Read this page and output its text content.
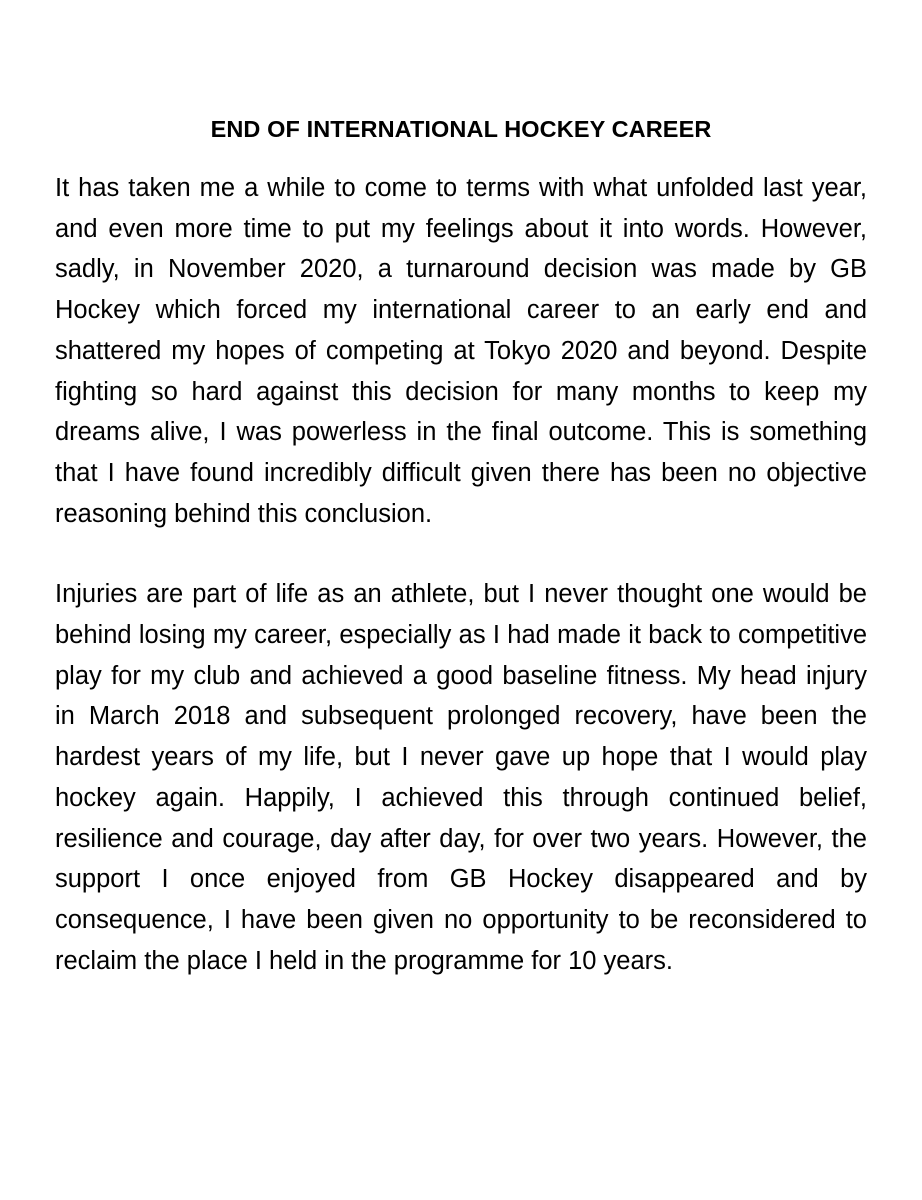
END OF INTERNATIONAL HOCKEY CAREER

It has taken me a while to come to terms with what unfolded last year, and even more time to put my feelings about it into words. However, sadly, in November 2020, a turnaround decision was made by GB Hockey which forced my international career to an early end and shattered my hopes of competing at Tokyo 2020 and beyond. Despite fighting so hard against this decision for many months to keep my dreams alive, I was powerless in the final outcome. This is something that I have found incredibly difficult given there has been no objective reasoning behind this conclusion.

Injuries are part of life as an athlete, but I never thought one would be behind losing my career, especially as I had made it back to competitive play for my club and achieved a good baseline fitness. My head injury in March 2018 and subsequent prolonged recovery, have been the hardest years of my life, but I never gave up hope that I would play hockey again. Happily, I achieved this through continued belief, resilience and courage, day after day, for over two years. However, the support I once enjoyed from GB Hockey disappeared and by consequence, I have been given no opportunity to be reconsidered to reclaim the place I held in the programme for 10 years.
